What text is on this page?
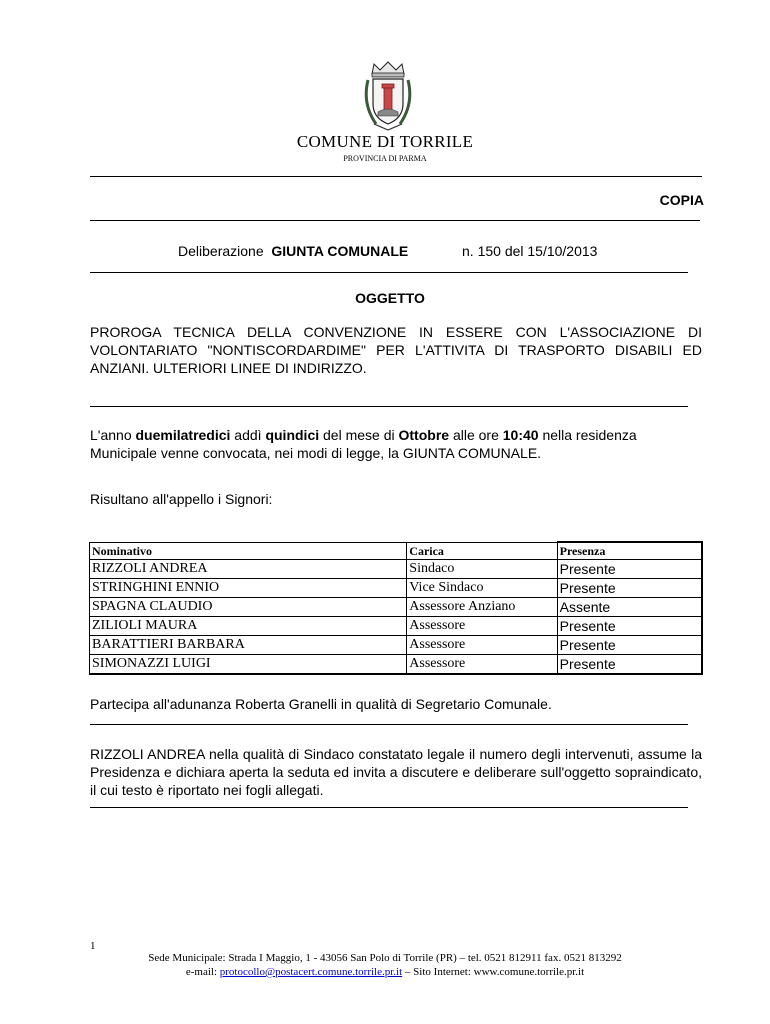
COMUNE DI TORRILE
PROVINCIA DI PARMA
COPIA
Deliberazione GIUNTA COMUNALE	n. 150 del 15/10/2013
OGGETTO
PROROGA TECNICA DELLA CONVENZIONE IN ESSERE CON L'ASSOCIAZIONE DI VOLONTARIATO "NONTISCORDARDIME" PER L'ATTIVITA DI TRASPORTO DISABILI ED ANZIANI. ULTERIORI LINEE DI INDIRIZZO.
L'anno duemilatredici addì quindici del mese di Ottobre alle ore 10:40 nella residenza Municipale venne convocata, nei modi di legge, la GIUNTA COMUNALE.
Risultano all'appello i Signori:
Nominativo	Carica	Presenza
RIZZOLI ANDREA	Sindaco	Presente
STRINGHINI ENNIO	Vice Sindaco	Presente
SPAGNA CLAUDIO	Assessore Anziano	Assente
ZILIOLI MAURA	Assessore	Presente
BARATTIERI BARBARA	Assessore	Presente
SIMONAZZI LUIGI	Assessore	Presente
Partecipa all'adunanza Roberta Granelli in qualità di Segretario Comunale.
RIZZOLI ANDREA nella qualità di Sindaco constatato legale il numero degli intervenuti, assume la Presidenza e dichiara aperta la seduta ed invita a discutere e deliberare sull'oggetto sopraindicato, il cui testo è riportato nei fogli allegati.
1
Sede Municipale: Strada I Maggio, 1 - 43056 San Polo di Torrile (PR) – tel. 0521 812911 fax. 0521 813292
e-mail: protocollo@postacert.comune.torrile.pr.it – Sito Internet: www.comune.torrile.pr.it
